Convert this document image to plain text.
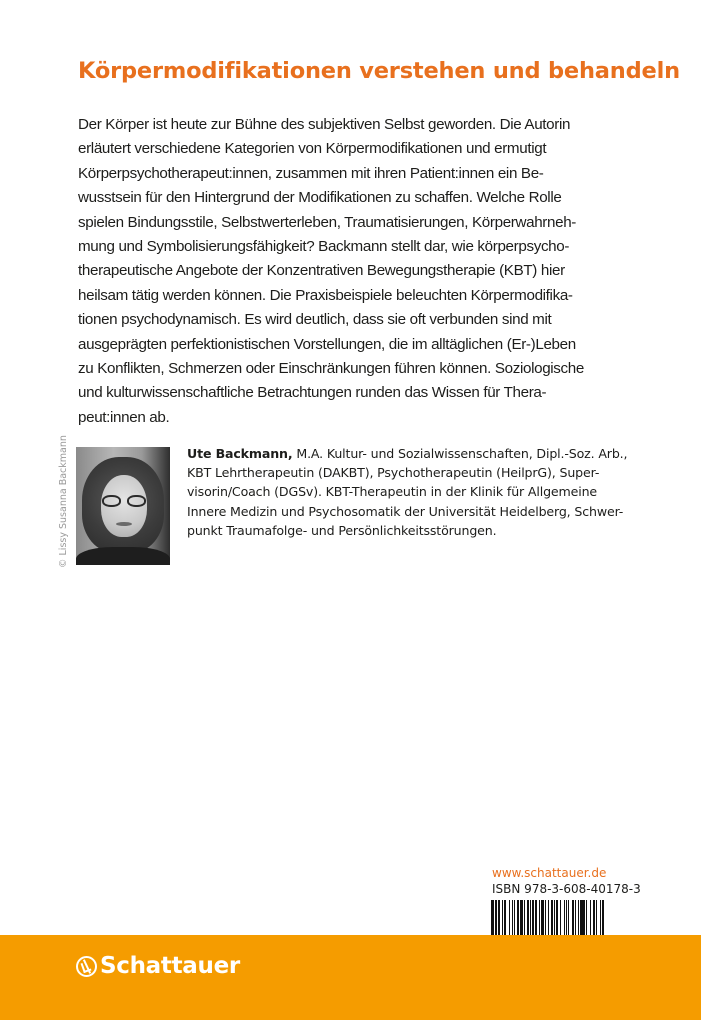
Körpermodifikationen verstehen und behandeln
Der Körper ist heute zur Bühne des subjektiven Selbst geworden. Die Autorin
erläutert verschiedene Kategorien von Körpermodifikationen und ermutigt
Körperpsychotherapeut:innen, zusammen mit ihren Patient:innen ein Be-
wusstsein für den Hintergrund der Modifikationen zu schaffen. Welche Rolle
spielen Bindungsstile, Selbstwerterleben, Traumatisierungen, Körperwahrneh-
mung und Symbolisierungsfähigkeit? Backmann stellt dar, wie körperpsycho-
therapeutische Angebote der Konzentrativen Bewegungstherapie (KBT) hier
heilsam tätig werden können. Die Praxisbeispiele beleuchten Körpermodifika-
tionen psychodynamisch. Es wird deutlich, dass sie oft verbunden sind mit
ausgeprägten perfektionistischen Vorstellungen, die im alltäglichen (Er-)Leben
zu Konflikten, Schmerzen oder Einschränkungen führen können. Soziologische
und kulturwissenschaftliche Betrachtungen runden das Wissen für Thera-
peut:innen ab.
© Lissy Susanna Backmann	Ute Backmann, M.A. Kultur- und Sozialwissenschaften, Dipl.-Soz. Arb.,
KBT Lehrtherapeutin (DAKBT), Psychotherapeutin (HeilprG), Super-
visorin/Coach (DGSv). KBT-Therapeutin in der Klinik für Allgemeine
Innere Medizin und Psychosomatik der Universität Heidelberg, Schwer-
punkt Traumafolge- und Persönlichkeitsstörungen.
www.schattauer.de
ISBN 978-3-608-40178-3
Schattauer
